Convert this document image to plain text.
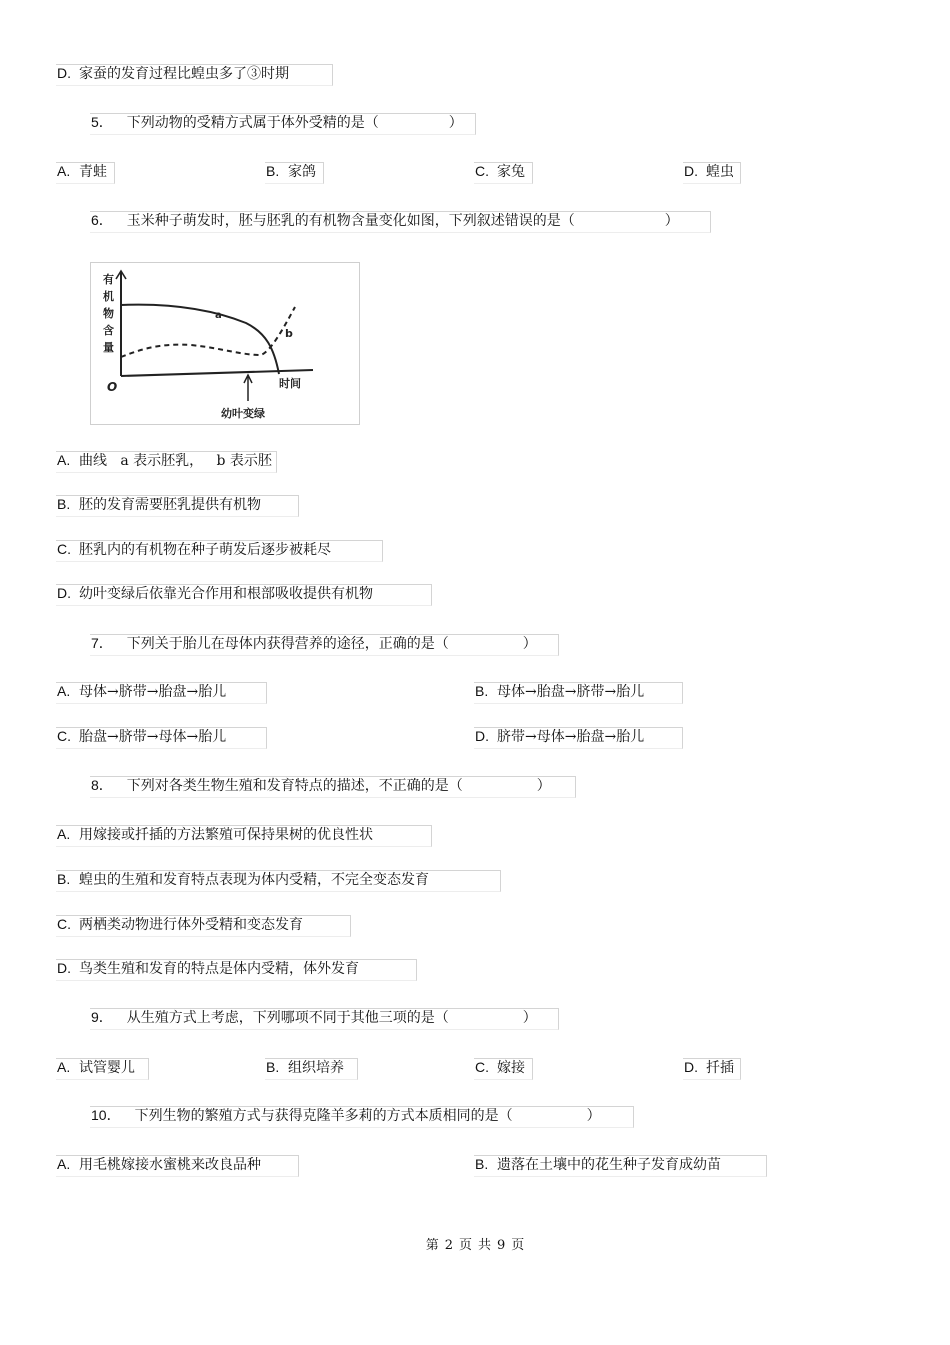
D. 家蚕的发育过程比蝗虫多了③时期
5． 下列动物的受精方式属于体外受精的是（	）
A. 青蛙	B. 家鸽	C. 家兔	D. 蝗虫
6． 玉米种子萌发时，胚与胚乳的有机物含量变化如图，下列叙述错误的是（	）
有
机
物
含
量
O	时间
a
b
幼叶变绿
A. 曲线   a 表示胚乳，   b 表示胚
B. 胚的发育需要胚乳提供有机物
C. 胚乳内的有机物在种子萌发后逐步被耗尽
D. 幼叶变绿后依靠光合作用和根部吸收提供有机物
7． 下列关于胎儿在母体内获得营养的途径，正确的是（	）
A. 母体→脐带→胎盘→胎儿	B. 母体→胎盘→脐带→胎儿
C. 胎盘→脐带→母体→胎儿	D. 脐带→母体→胎盘→胎儿
8． 下列对各类生物生殖和发育特点的描述，不正确的是（	）
A. 用嫁接或扦插的方法繁殖可保持果树的优良性状
B. 蝗虫的生殖和发育特点表现为体内受精，不完全变态发育
C. 两栖类动物进行体外受精和变态发育
D. 鸟类生殖和发育的特点是体内受精，体外发育
9． 从生殖方式上考虑，下列哪项不同于其他三项的是（	）
A. 试管婴儿	B. 组织培养	C. 嫁接	D. 扦插
10． 下列生物的繁殖方式与获得克隆羊多莉的方式本质相同的是（	）
A. 用毛桃嫁接水蜜桃来改良品种	B. 遗落在土壤中的花生种子发育成幼苗
第 2 页 共 9 页
